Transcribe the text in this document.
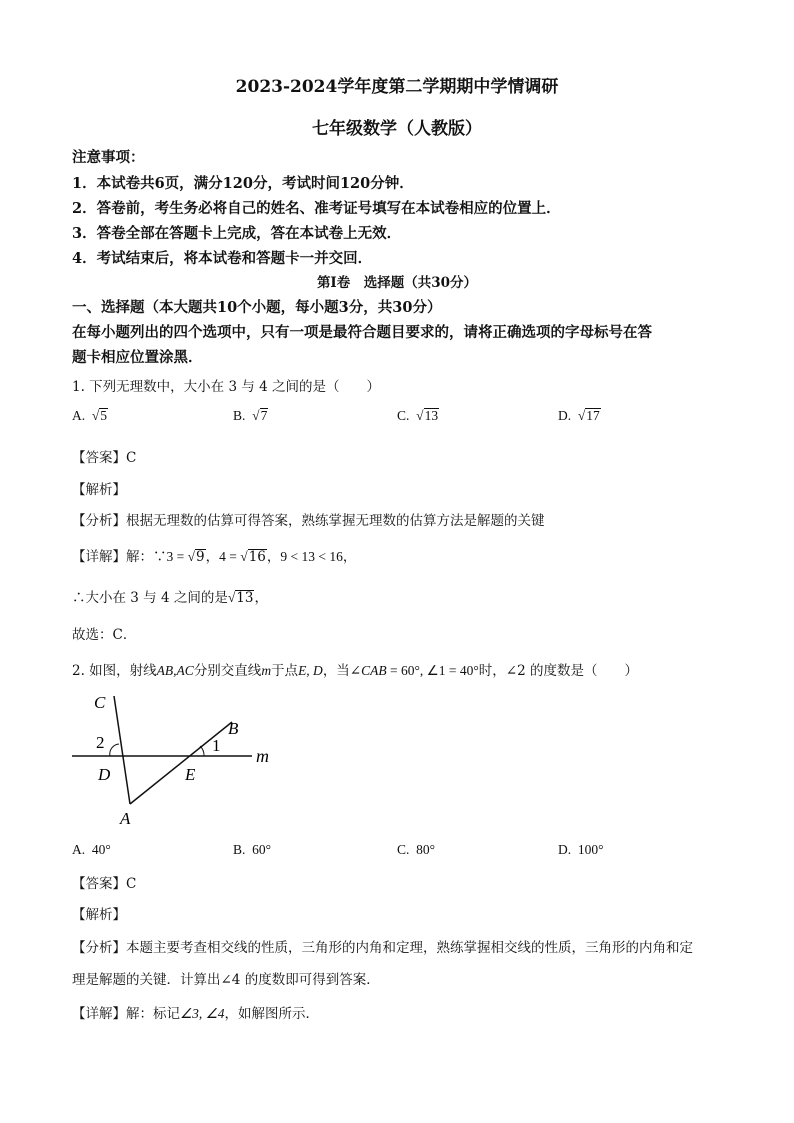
2023-2024学年度第二学期期中学情调研
七年级数学（人教版）
注意事项：
1．本试卷共6页，满分120分，考试时间120分钟．
2．答卷前，考生务必将自己的姓名、准考证号填写在本试卷相应的位置上．
3．答卷全部在答题卡上完成，答在本试卷上无效．
4．考试结束后，将本试卷和答题卡一并交回．
第I卷　选择题（共30分）
一、选择题（本大题共10个小题，每小题3分，共30分）
在每小题列出的四个选项中，只有一项是最符合题目要求的，请将正确选项的字母标号在答
题卡相应位置涂黑．
1. 下列无理数中，大小在 3 与 4 之间的是（　　）
A.  √5	B.  √7	C.  √13	D.  √17
【答案】C
【解析】
【分析】根据无理数的估算可得答案，熟练掌握无理数的估算方法是解题的关键
【详解】解：∵3 = √9，4 = √16，9 < 13 < 16，
∴大小在 3 与 4 之间的是√13，
故选：C．
2. 如图，射线AB,AC分别交直线m于点E, D，当∠CAB = 60°, ∠1 = 40°时，∠2 的度数是（　　）
C
B
2	1
m
D	E
A
A. 40°	B. 60°	C. 80°	D. 100°
【答案】C
【解析】
【分析】本题主要考查相交线的性质，三角形的内角和定理，熟练掌握相交线的性质，三角形的内角和定
理是解题的关键．计算出∠4 的度数即可得到答案．
【详解】解：标记∠3, ∠4，如解图所示．
